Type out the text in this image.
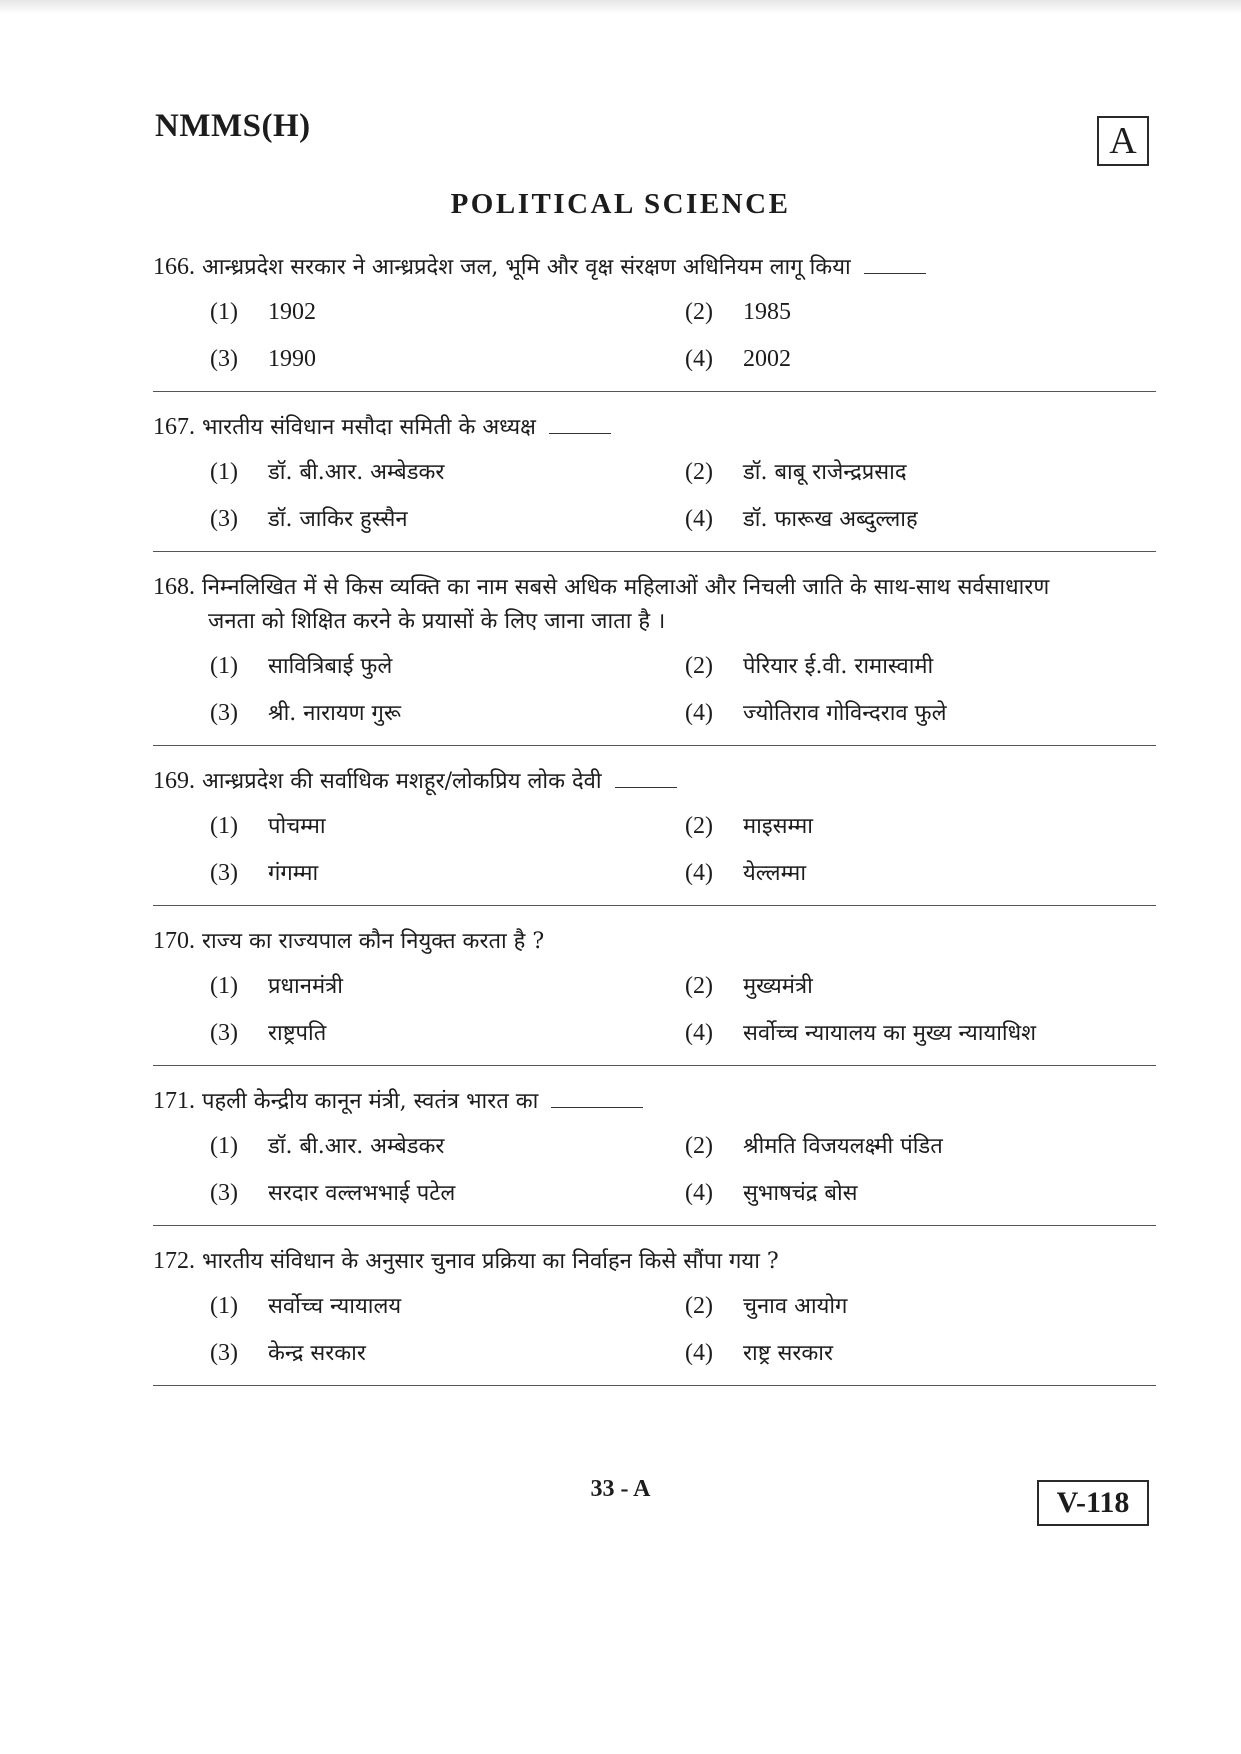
NMMS(H)	A
POLITICAL SCIENCE
166. आन्ध्रप्रदेश सरकार ने आन्ध्रप्रदेश जल, भूमि और वृक्ष संरक्षण अधिनियम लागू किया
(1) 1902	(2) 1985
(3) 1990	(4) 2002
167. भारतीय संविधान मसौदा समिती के अध्यक्ष
(1) डॉ. बी.आर. अम्बेडकर	(2) डॉ. बाबू राजेन्द्रप्रसाद
(3) डॉ. जाकिर हुस्सैन	(4) डॉ. फारूख अब्दुल्लाह
168. निम्नलिखित में से किस व्यक्ति का नाम सबसे अधिक महिलाओं और निचली जाति के साथ-साथ सर्वसाधारण
जनता को शिक्षित करने के प्रयासों के लिए जाना जाता है ।
(1) सावित्रिबाई फुले	(2) पेरियार ई.वी. रामास्वामी
(3) श्री. नारायण गुरू	(4) ज्योतिराव गोविन्दराव फुले
169. आन्ध्रप्रदेश की सर्वाधिक मशहूर/लोकप्रिय लोक देवी
(1) पोचम्मा	(2) माइसम्मा
(3) गंगम्मा	(4) येल्लम्मा
170. राज्य का राज्यपाल कौन नियुक्त करता है ?
(1) प्रधानमंत्री	(2) मुख्यमंत्री
(3) राष्ट्रपति	(4) सर्वोच्च न्यायालय का मुख्य न्यायाधिश
171. पहली केन्द्रीय कानून मंत्री, स्वतंत्र भारत का
(1) डॉ. बी.आर. अम्बेडकर	(2) श्रीमति विजयलक्ष्मी पंडित
(3) सरदार वल्लभभाई पटेल	(4) सुभाषचंद्र बोस
172. भारतीय संविधान के अनुसार चुनाव प्रक्रिया का निर्वाहन किसे सौंपा गया ?
(1) सर्वोच्च न्यायालय	(2) चुनाव आयोग
(3) केन्द्र सरकार	(4) राष्ट्र सरकार
33 - A	V-118
